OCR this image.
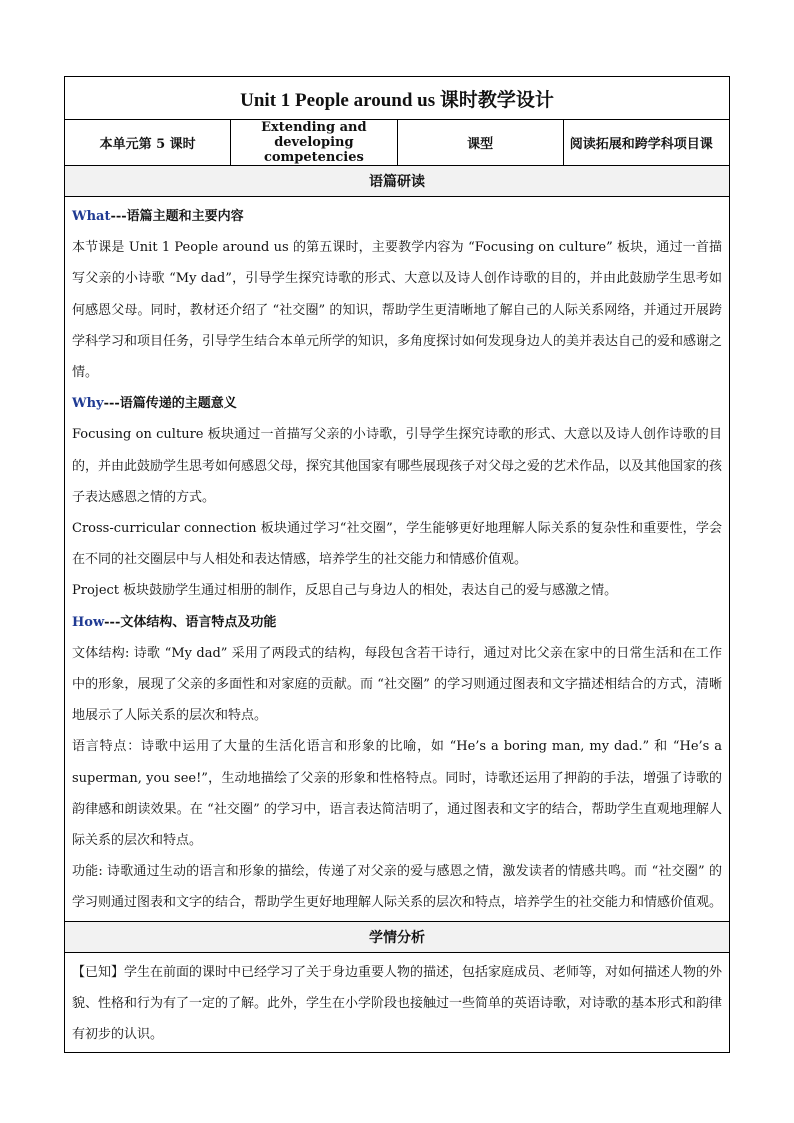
Unit 1 People around us 课时教学设计
本单元第 5 课时	Extending and developing competencies	课型	阅读拓展和跨学科项目课
语篇研读

What---语篇主题和主要内容

本节课是 Unit 1 People around us 的第五课时，主要教学内容为 “Focusing on culture” 板块，通过一首描写父亲的小诗歌 “My dad”，引导学生探究诗歌的形式、大意以及诗人创作诗歌的目的，并由此鼓励学生思考如何感恩父母。同时，教材还介绍了 “社交圈” 的知识，帮助学生更清晰地了解自己的人际关系网络，并通过开展跨学科学习和项目任务，引导学生结合本单元所学的知识，多角度探讨如何发现身边人的美并表达自己的爱和感谢之情。

Why---语篇传递的主题意义

Focusing on culture 板块通过一首描写父亲的小诗歌，引导学生探究诗歌的形式、大意以及诗人创作诗歌的目的，并由此鼓励学生思考如何感恩父母，探究其他国家有哪些展现孩子对父母之爱的艺术作品，以及其他国家的孩子表达感恩之情的方式。

Cross-curricular connection 板块通过学习“社交圈”，学生能够更好地理解人际关系的复杂性和重要性，学会在不同的社交圈层中与人相处和表达情感，培养学生的社交能力和情感价值观。

Project 板块鼓励学生通过相册的制作，反思自己与身边人的相处，表达自己的爱与感激之情。

How---文体结构、语言特点及功能

文体结构: 诗歌 “My dad” 采用了两段式的结构，每段包含若干诗行，通过对比父亲在家中的日常生活和在工作中的形象，展现了父亲的多面性和对家庭的贡献。而 “社交圈” 的学习则通过图表和文字描述相结合的方式，清晰地展示了人际关系的层次和特点。

语言特点：诗歌中运用了大量的生活化语言和形象的比喻，如 “He’s a boring man, my dad.” 和 “He’s a superman, you see!”，生动地描绘了父亲的形象和性格特点。同时，诗歌还运用了押韵的手法，增强了诗歌的韵律感和朗读效果。在 “社交圈” 的学习中，语言表达简洁明了，通过图表和文字的结合，帮助学生直观地理解人际关系的层次和特点。

功能: 诗歌通过生动的语言和形象的描绘，传递了对父亲的爱与感恩之情，激发读者的情感共鸣。而 “社交圈” 的学习则通过图表和文字的结合，帮助学生更好地理解人际关系的层次和特点，培养学生的社交能力和情感价值观。

学情分析

【已知】学生在前面的课时中已经学习了关于身边重要人物的描述，包括家庭成员、老师等，对如何描述人物的外貌、性格和行为有了一定的了解。此外，学生在小学阶段也接触过一些简单的英语诗歌，对诗歌的基本形式和韵律有初步的认识。
